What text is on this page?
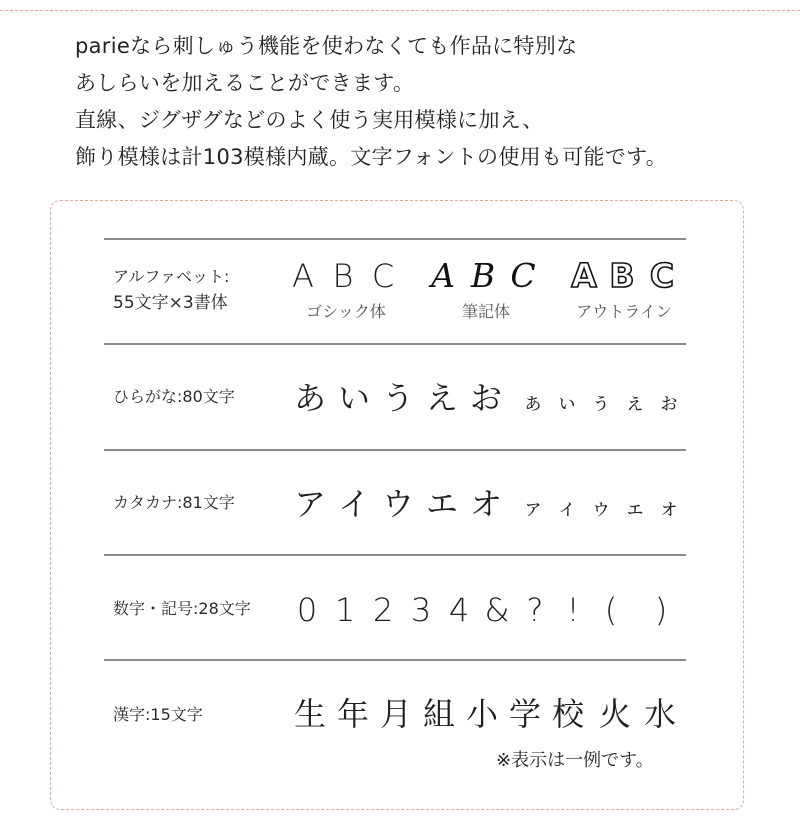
parieなら刺しゅう機能を使わなくても作品に特別な

あしらいを加えることができます。

直線、ジグザグなどのよく使う実用模様に加え、

飾り模様は計103模様内蔵。文字フォントの使用も可能です。

アルファベット:
55文字×3書体
A B C
ゴシック体
A B C
筆記体
A B C
アウトライン
ひらがな:80文字 あ い う え お ぁ ぃ ぅ ぇ ぉ
カタカナ:81文字 ア イ ウ エ オ ァ ィ ゥ ェ ォ
数字・記号:28文字 0 1 2 3 4 & ? ! (	)
漢字:15文字	生 年 月 組 小 学 校 火 水
※表示は一例です。
